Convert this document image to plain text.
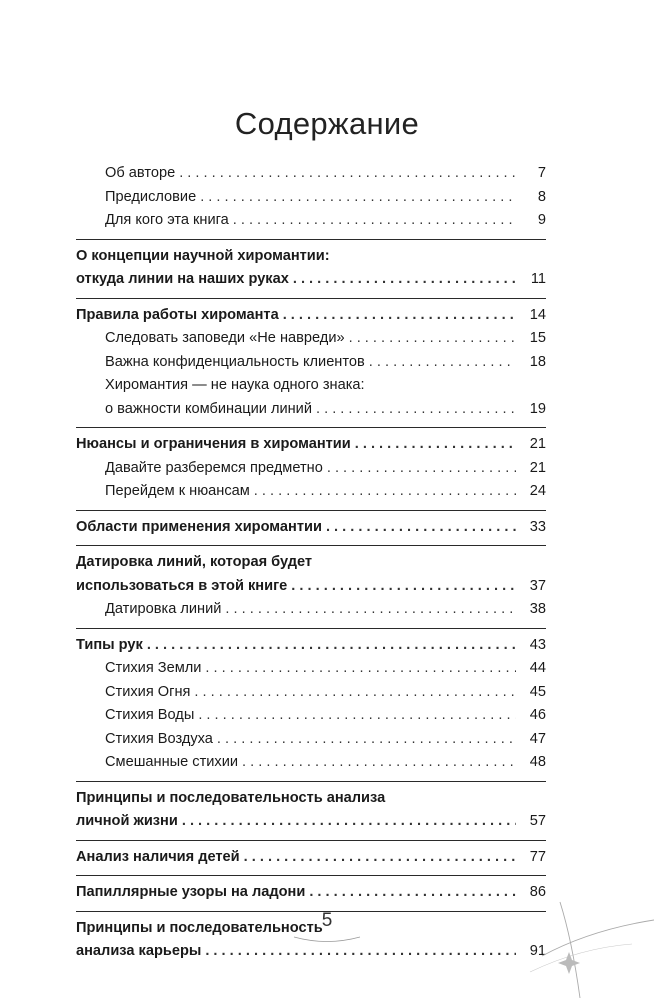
Содержание
Об авторе . . .	7
Предисловие . . .	8
Для кого эта книга . . .	9
О концепции научной хиромантии:
откуда линии на наших руках . . .	11
Правила работы хироманта . . .	14
Следовать заповеди «Не навреди» . . .	15
Важна конфиденциальность клиентов . . .	18
Хиромантия — не наука одного знака:
о важности комбинации линий . . .	19
Нюансы и ограничения в хиромантии . . .	21
Давайте разберемся предметно . . .	21
Перейдем к нюансам . . .	24
Области применения хиромантии . . .	33
Датировка линий, которая будет
использоваться в этой книге . . .	37
Датировка линий . . .	38
Типы рук . . .	43
Стихия Земли . . .	44
Стихия Огня . . .	45
Стихия Воды . . .	46
Стихия Воздуха . . .	47
Смешанные стихии . . .	48
Принципы и последовательность анализа
личной жизни . . .	57
Анализ наличия детей . . .	77
Папиллярные узоры на ладони . . .	86
Принципы и последовательность
анализа карьеры . . .	91
5
